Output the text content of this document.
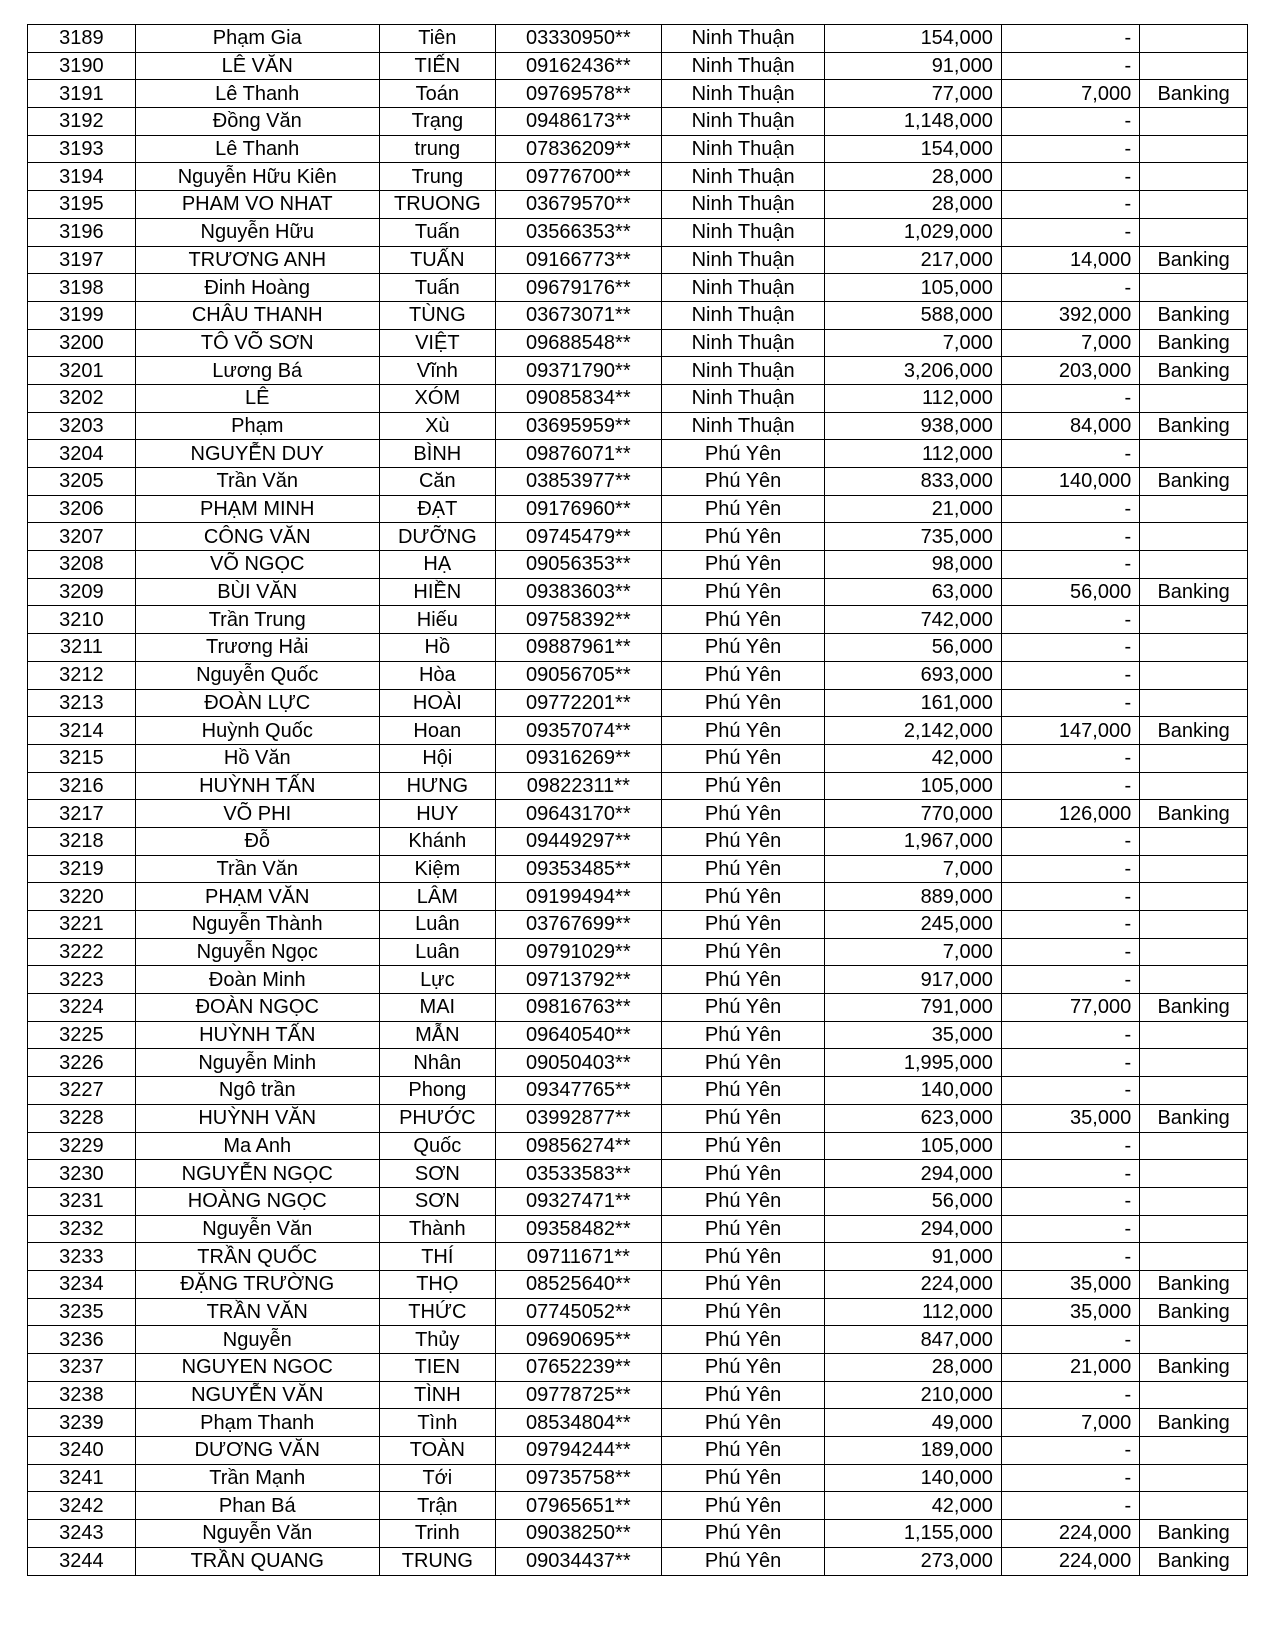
3189	Phạm Gia	Tiên	03330950**	Ninh Thuận	154,000	-	
3190	LÊ VĂN	TIẾN	09162436**	Ninh Thuận	91,000	-	
3191	Lê Thanh	Toán	09769578**	Ninh Thuận	77,000	7,000	Banking
3192	Đồng Văn	Trạng	09486173**	Ninh Thuận	1,148,000	-	
3193	Lê Thanh	trung	07836209**	Ninh Thuận	154,000	-	
3194	Nguyễn Hữu Kiên	Trung	09776700**	Ninh Thuận	28,000	-	
3195	PHAM VO NHAT	TRUONG	03679570**	Ninh Thuận	28,000	-	
3196	Nguyễn Hữu	Tuấn	03566353**	Ninh Thuận	1,029,000	-	
3197	TRƯƠNG ANH	TUẤN	09166773**	Ninh Thuận	217,000	14,000	Banking
3198	Đinh Hoàng	Tuấn	09679176**	Ninh Thuận	105,000	-	
3199	CHÂU THANH	TÙNG	03673071**	Ninh Thuận	588,000	392,000	Banking
3200	TÔ VÕ SƠN	VIỆT	09688548**	Ninh Thuận	7,000	7,000	Banking
3201	Lương Bá	Vĩnh	09371790**	Ninh Thuận	3,206,000	203,000	Banking
3202	LÊ	XÓM	09085834**	Ninh Thuận	112,000	-	
3203	Phạm	Xù	03695959**	Ninh Thuận	938,000	84,000	Banking
3204	NGUYỄN DUY	BÌNH	09876071**	Phú Yên	112,000	-	
3205	Trần Văn	Căn	03853977**	Phú Yên	833,000	140,000	Banking
3206	PHẠM MINH	ĐẠT	09176960**	Phú Yên	21,000	-	
3207	CÔNG VĂN	DƯỠNG	09745479**	Phú Yên	735,000	-	
3208	VÕ NGỌC	HẠ	09056353**	Phú Yên	98,000	-	
3209	BÙI VĂN	HIỀN	09383603**	Phú Yên	63,000	56,000	Banking
3210	Trần Trung	Hiếu	09758392**	Phú Yên	742,000	-	
3211	Trương Hải	Hồ	09887961**	Phú Yên	56,000	-	
3212	Nguyễn Quốc	Hòa	09056705**	Phú Yên	693,000	-	
3213	ĐOÀN LỰC	HOÀI	09772201**	Phú Yên	161,000	-	
3214	Huỳnh Quốc	Hoan	09357074**	Phú Yên	2,142,000	147,000	Banking
3215	Hồ Văn	Hội	09316269**	Phú Yên	42,000	-	
3216	HUỲNH TẤN	HƯNG	09822311**	Phú Yên	105,000	-	
3217	VÕ PHI	HUY	09643170**	Phú Yên	770,000	126,000	Banking
3218	Đỗ	Khánh	09449297**	Phú Yên	1,967,000	-	
3219	Trần Văn	Kiệm	09353485**	Phú Yên	7,000	-	
3220	PHẠM VĂN	LÂM	09199494**	Phú Yên	889,000	-	
3221	Nguyễn Thành	Luân	03767699**	Phú Yên	245,000	-	
3222	Nguyễn Ngọc	Luân	09791029**	Phú Yên	7,000	-	
3223	Đoàn Minh	Lực	09713792**	Phú Yên	917,000	-	
3224	ĐOÀN NGỌC	MAI	09816763**	Phú Yên	791,000	77,000	Banking
3225	HUỲNH TẤN	MẪN	09640540**	Phú Yên	35,000	-	
3226	Nguyễn Minh	Nhân	09050403**	Phú Yên	1,995,000	-	
3227	Ngô trần	Phong	09347765**	Phú Yên	140,000	-	
3228	HUỲNH VĂN	PHƯỚC	03992877**	Phú Yên	623,000	35,000	Banking
3229	Ma Anh	Quốc	09856274**	Phú Yên	105,000	-	
3230	NGUYỄN NGỌC	SƠN	03533583**	Phú Yên	294,000	-	
3231	HOÀNG NGỌC	SƠN	09327471**	Phú Yên	56,000	-	
3232	Nguyễn Văn	Thành	09358482**	Phú Yên	294,000	-	
3233	TRẦN QUỐC	THÍ	09711671**	Phú Yên	91,000	-	
3234	ĐẶNG TRƯỜNG	THỌ	08525640**	Phú Yên	224,000	35,000	Banking
3235	TRẦN VĂN	THỨC	07745052**	Phú Yên	112,000	35,000	Banking
3236	Nguyễn	Thủy	09690695**	Phú Yên	847,000	-	
3237	NGUYEN NGOC	TIEN	07652239**	Phú Yên	28,000	21,000	Banking
3238	NGUYỄN VĂN	TÌNH	09778725**	Phú Yên	210,000	-	
3239	Phạm Thanh	Tình	08534804**	Phú Yên	49,000	7,000	Banking
3240	DƯƠNG VĂN	TOÀN	09794244**	Phú Yên	189,000	-	
3241	Trần Mạnh	Tới	09735758**	Phú Yên	140,000	-	
3242	Phan Bá	Trận	07965651**	Phú Yên	42,000	-	
3243	Nguyễn Văn	Trinh	09038250**	Phú Yên	1,155,000	224,000	Banking
3244	TRẦN QUANG	TRUNG	09034437**	Phú Yên	273,000	224,000	Banking
